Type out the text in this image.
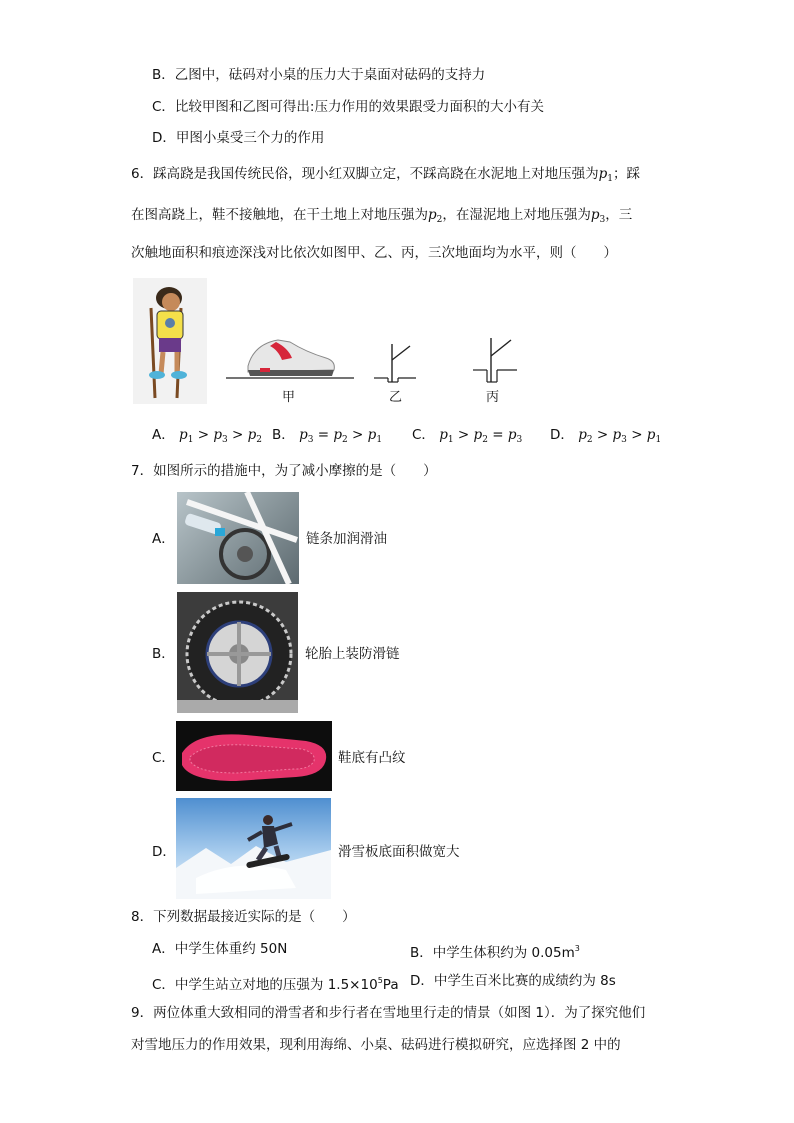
B．乙图中，砝码对小桌的压力大于桌面对砝码的支持力
C．比较甲图和乙图可得出:压力作用的效果跟受力面积的大小有关
D．甲图小桌受三个力的作用
6．踩高跷是我国传统民俗，现小红双脚立定，不踩高跷在水泥地上对地压强为$p_1$；踩
在图高跷上，鞋不接触地，在干土地上对地压强为$p_2$，在湿泥地上对地压强为$p_3$，三
次触地面积和痕迹深浅对比依次如图甲、乙、丙，三次地面均为水平，则（　　）
甲	乙	丙
A． $p_1 > p_3 > p_2$ B． $p_3 = p_2 > p_1$ C． $p_1 > p_2 = p_3$ D． $p_2 > p_3 > p_1$
7．如图所示的措施中，为了减小摩擦的是（　　）
A．	链条加润滑油
B．	轮胎上装防滑链
C．	鞋底有凸纹
D．	滑雪板底面积做宽大
8．下列数据最接近实际的是（　　）
A．中学生体重约 50N	B．中学生体积约为 $0.05m^3$
C．中学生站立对地的压强为 $1.5\times 10^5Pa$ D．中学生百米比赛的成绩约为 8s
9．两位体重大致相同的滑雪者和步行者在雪地里行走的情景（如图 1）．为了探究他们
对雪地压力的作用效果，现利用海绵、小桌、砝码进行模拟研究，应选择图 2 中的
